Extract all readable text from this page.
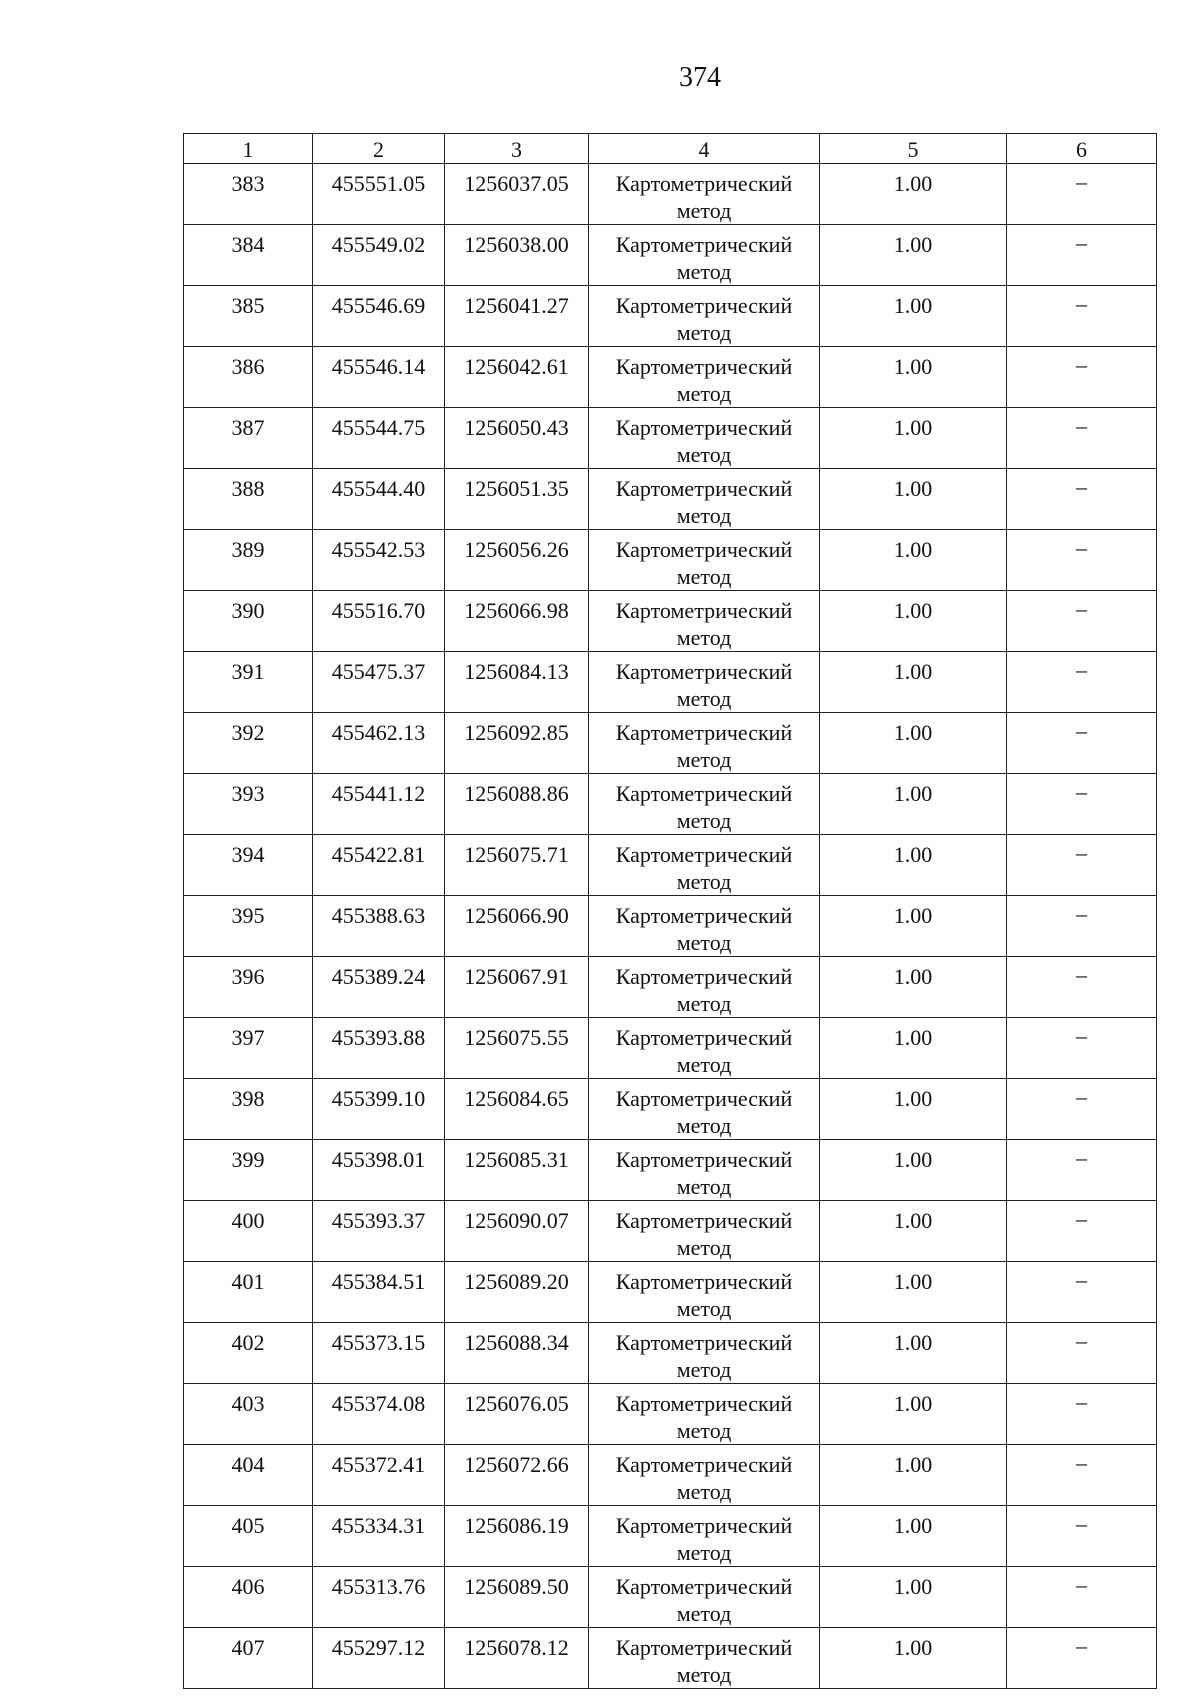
374
1	2	3	4	5	6
383	455551.05	1256037.05	Картометрический метод	1.00	–
384	455549.02	1256038.00	Картометрический метод	1.00	–
385	455546.69	1256041.27	Картометрический метод	1.00	–
386	455546.14	1256042.61	Картометрический метод	1.00	–
387	455544.75	1256050.43	Картометрический метод	1.00	–
388	455544.40	1256051.35	Картометрический метод	1.00	–
389	455542.53	1256056.26	Картометрический метод	1.00	–
390	455516.70	1256066.98	Картометрический метод	1.00	–
391	455475.37	1256084.13	Картометрический метод	1.00	–
392	455462.13	1256092.85	Картометрический метод	1.00	–
393	455441.12	1256088.86	Картометрический метод	1.00	–
394	455422.81	1256075.71	Картометрический метод	1.00	–
395	455388.63	1256066.90	Картометрический метод	1.00	–
396	455389.24	1256067.91	Картометрический метод	1.00	–
397	455393.88	1256075.55	Картометрический метод	1.00	–
398	455399.10	1256084.65	Картометрический метод	1.00	–
399	455398.01	1256085.31	Картометрический метод	1.00	–
400	455393.37	1256090.07	Картометрический метод	1.00	–
401	455384.51	1256089.20	Картометрический метод	1.00	–
402	455373.15	1256088.34	Картометрический метод	1.00	–
403	455374.08	1256076.05	Картометрический метод	1.00	–
404	455372.41	1256072.66	Картометрический метод	1.00	–
405	455334.31	1256086.19	Картометрический метод	1.00	–
406	455313.76	1256089.50	Картометрический метод	1.00	–
407	455297.12	1256078.12	Картометрический метод	1.00	–
